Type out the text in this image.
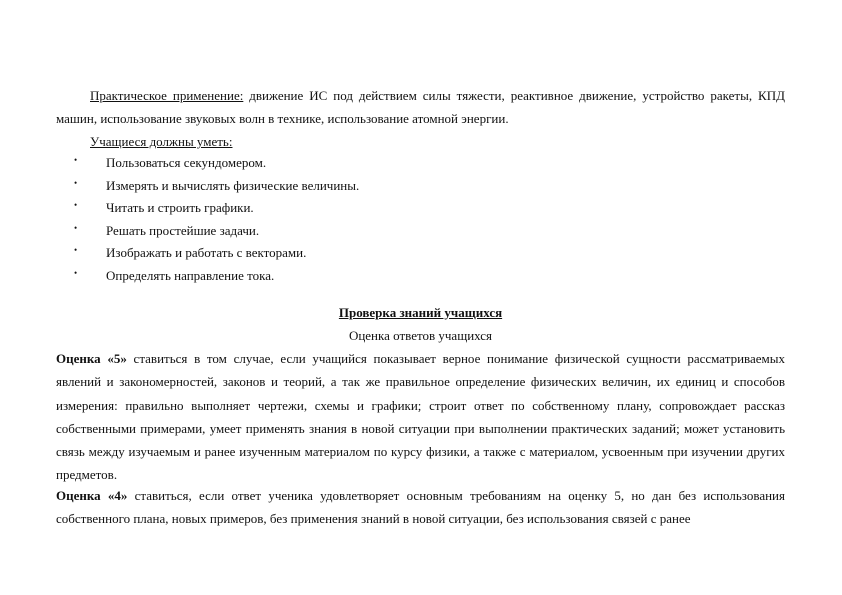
Практическое применение: движение ИС под действием силы тяжести, реактивное движение, устройство ракеты, КПД машин, использование звуковых волн в технике, использование атомной энергии.
Учащиеся должны уметь:
• Пользоваться секундомером.
• Измерять и вычислять физические величины.
• Читать и строить графики.
• Решать простейшие задачи.
• Изображать и работать с векторами.
• Определять направление тока.
Проверка знаний учащихся
Оценка ответов учащихся
Оценка «5» ставиться в том случае, если учащийся показывает верное понимание физической сущности рассматриваемых явлений и закономерностей, законов и теорий, а так же правильное определение физических величин, их единиц и способов измерения: правильно выполняет чертежи, схемы и графики; строит ответ по собственному плану, сопровождает рассказ собственными примерами, умеет применять знания в новой ситуации при выполнении практических заданий; может установить связь между изучаемым и ранее изученным материалом по курсу физики, а также с материалом, усвоенным при изучении других предметов.
Оценка «4» ставиться, если ответ ученика удовлетворяет основным требованиям на оценку 5, но дан без использования собственного плана, новых примеров, без применения знаний в новой ситуации, без использования связей с ранее
